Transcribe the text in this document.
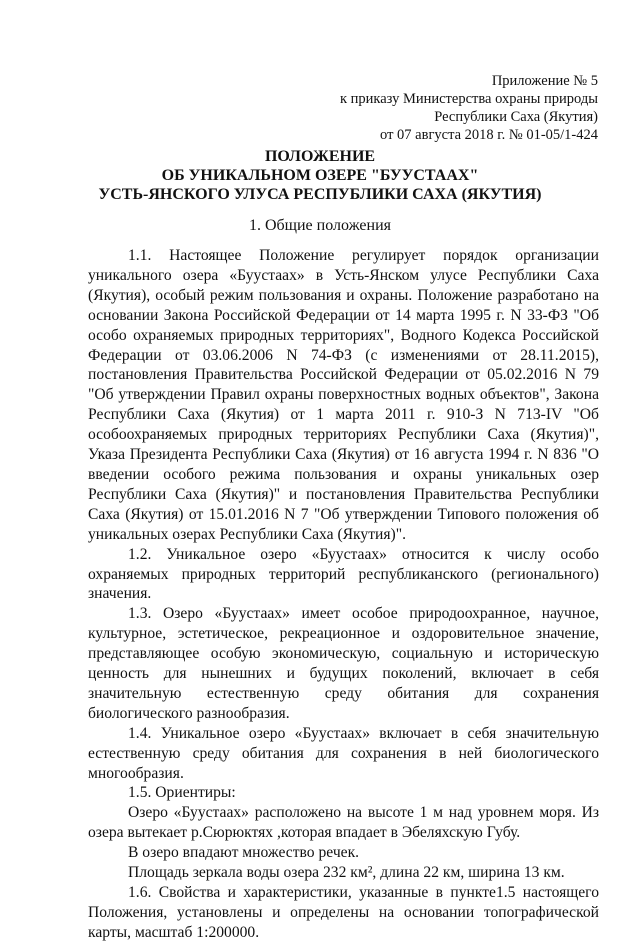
Приложение № 5
к приказу Министерства охраны природы
Республики Саха (Якутия)
от 07 августа 2018 г. № 01-05/1-424
ПОЛОЖЕНИЕ
ОБ УНИКАЛЬНОМ ОЗЕРЕ "БУУСТААХ"
УСТЬ-ЯНСКОГО УЛУСА РЕСПУБЛИКИ САХА (ЯКУТИЯ)
1. Общие положения

1.1. Настоящее Положение регулирует порядок организации уникального озера «Буустаах» в Усть-Янском улусе Республики Саха (Якутия), особый режим пользования и охраны. Положение разработано на основании Закона Российской Федерации от 14 марта 1995 г. N 33-ФЗ "Об особо охраняемых природных территориях", Водного Кодекса Российской Федерации от 03.06.2006 N 74-ФЗ (с изменениями от 28.11.2015), постановления Правительства Российской Федерации от 05.02.2016 N 79 "Об утверждении Правил охраны поверхностных водных объектов", Закона Республики Саха (Якутия) от 1 марта 2011 г. 910-З N 713-IV "Об особоохраняемых природных территориях Республики Саха (Якутия)", Указа Президента Республики Саха (Якутия) от 16 августа 1994 г. N 836 "О введении особого режима пользования и охраны уникальных озер Республики Саха (Якутия)" и постановления Правительства Республики Саха (Якутия) от 15.01.2016 N 7 "Об утверждении Типового положения об уникальных озерах Республики Саха (Якутия)".

1.2. Уникальное озеро «Буустаах» относится к числу особо охраняемых природных территорий республиканского (регионального) значения.

1.3. Озеро «Буустаах» имеет особое природоохранное, научное, культурное, эстетическое, рекреационное и оздоровительное значение, представляющее особую экономическую, социальную и историческую ценность для нынешних и будущих поколений, включает в себя значительную естественную среду обитания для сохранения биологического разнообразия.

1.4. Уникальное озеро «Буустаах» включает в себя значительную естественную среду обитания для сохранения в ней биологического многообразия.

1.5. Ориентиры:

Озеро «Буустаах» расположено на высоте 1 м над уровнем моря. Из озера вытекает р.Сюрюктях ,которая впадает в Эбеляхскую Губу.

В озеро впадают множество речек.

Площадь зеркала воды озера 232 км², длина 22 км, ширина 13 км.

1.6. Свойства и характеристики, указанные в пункте1.5 настоящего Положения, установлены и определены на основании топографической карты, масштаб 1:200000.
